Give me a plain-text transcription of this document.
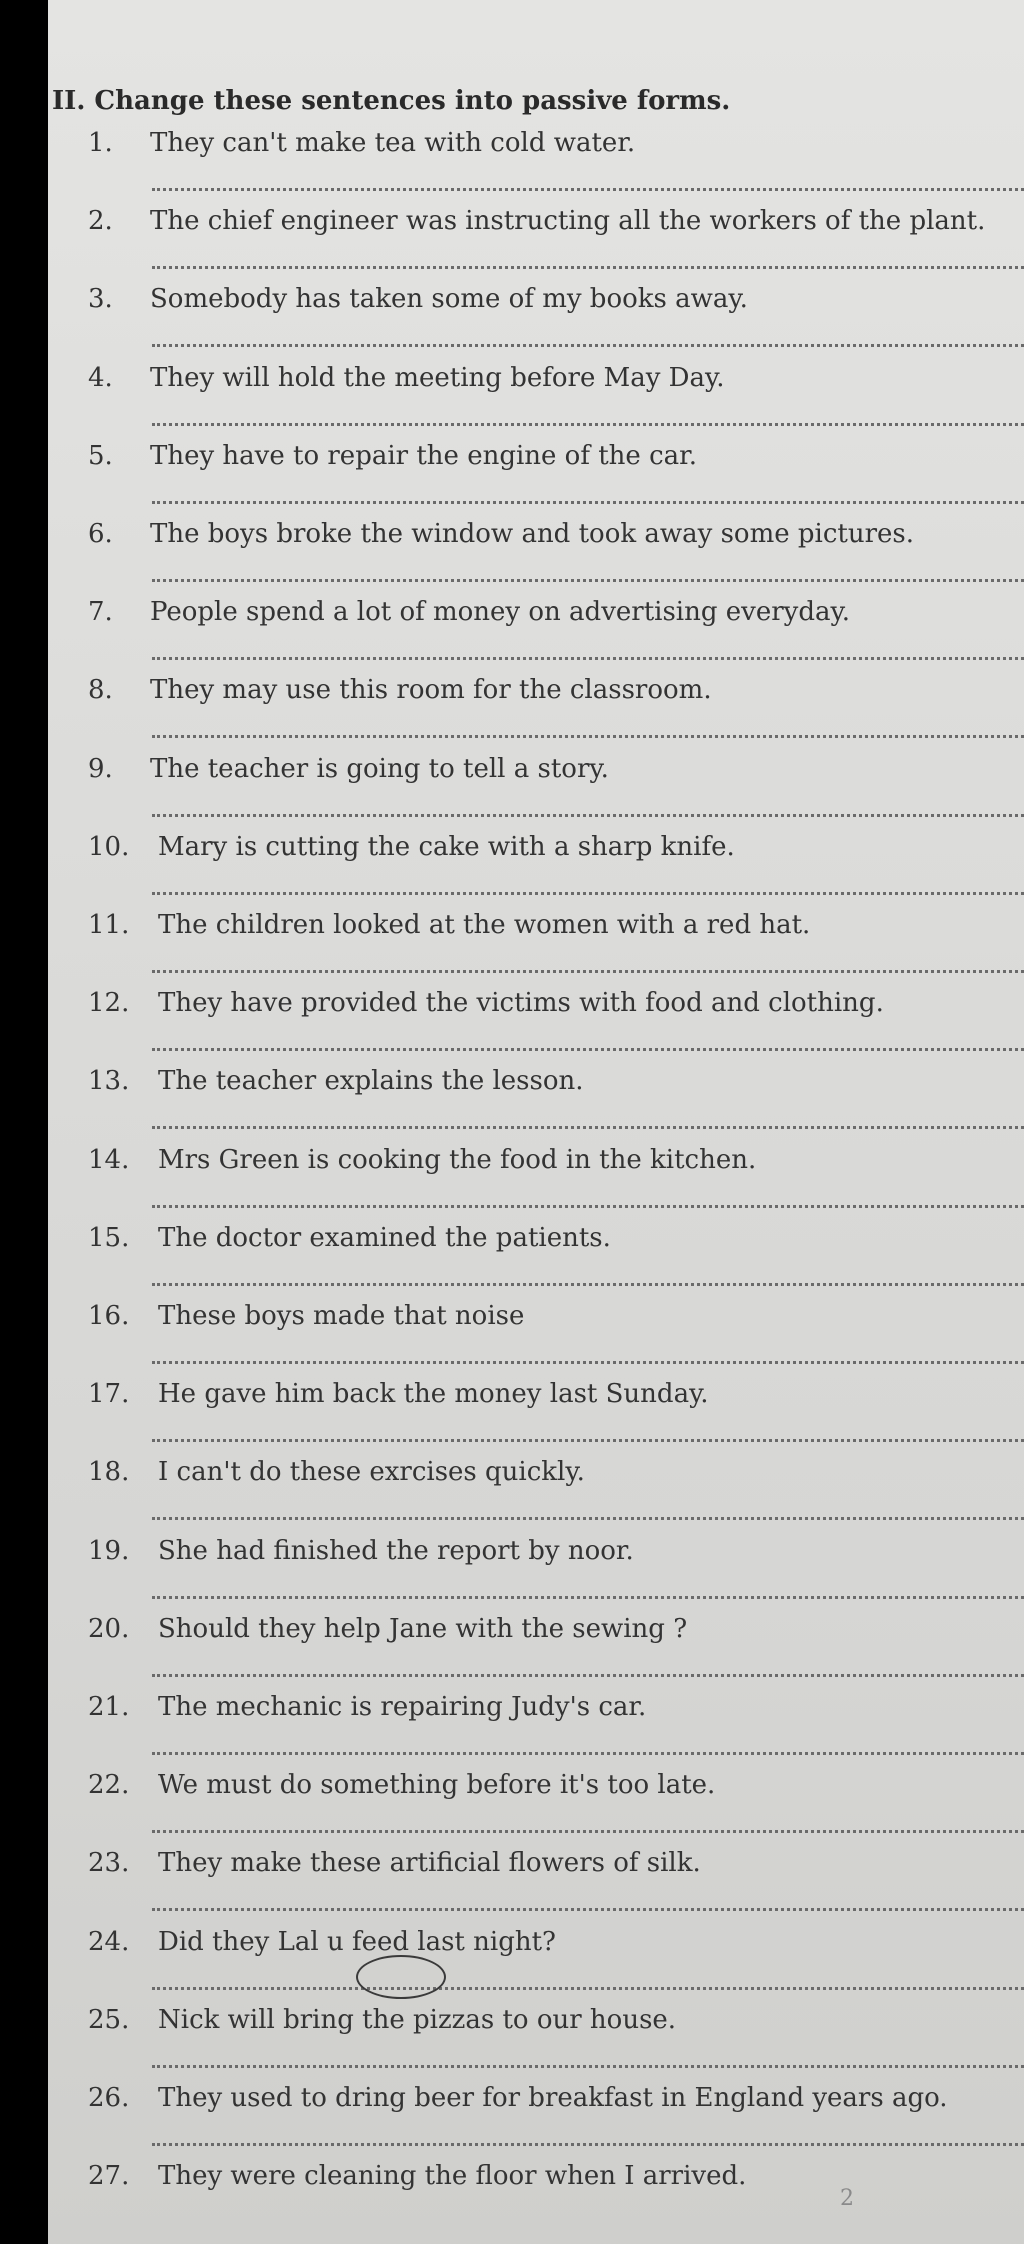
II. Change these sentences into passive forms.
1.	They can't make tea with cold water.
2.	The chief engineer was instructing all the workers of the plant.
3.	Somebody has taken some of my books away.
4.	They will hold the meeting before May Day.
5.	They have to repair the engine of the car.
6.	The boys broke the window and took away some pictures.
7.	People spend a lot of money on advertising everyday.
8.	They may use this room for the classroom.
9.	The teacher is going to tell a story.
10.	Mary is cutting the cake with a sharp knife.
11.	The children looked at the women with a red hat.
12.	They have provided the victims with food and clothing.
13.	The teacher explains the lesson.
14.	Mrs Green is cooking the food in the kitchen.
15.	The doctor examined the patients.
16.	These boys made that noise
17.	He gave him back the money last Sunday.
18.	I can't do these exrcises quickly.
19.	She had finished the report by noor.
20.	Should they help Jane with the sewing ?
21.	The mechanic is repairing Judy's car.
22.	We must do something before it's too late.
23.	They make these artificial flowers of silk.
24.	Did they Lal u feed last night?
25.	Nick will bring the pizzas to our house.
26.	They used to dring beer for breakfast in England years ago.
27.	They were cleaning the floor when I arrived.
2
